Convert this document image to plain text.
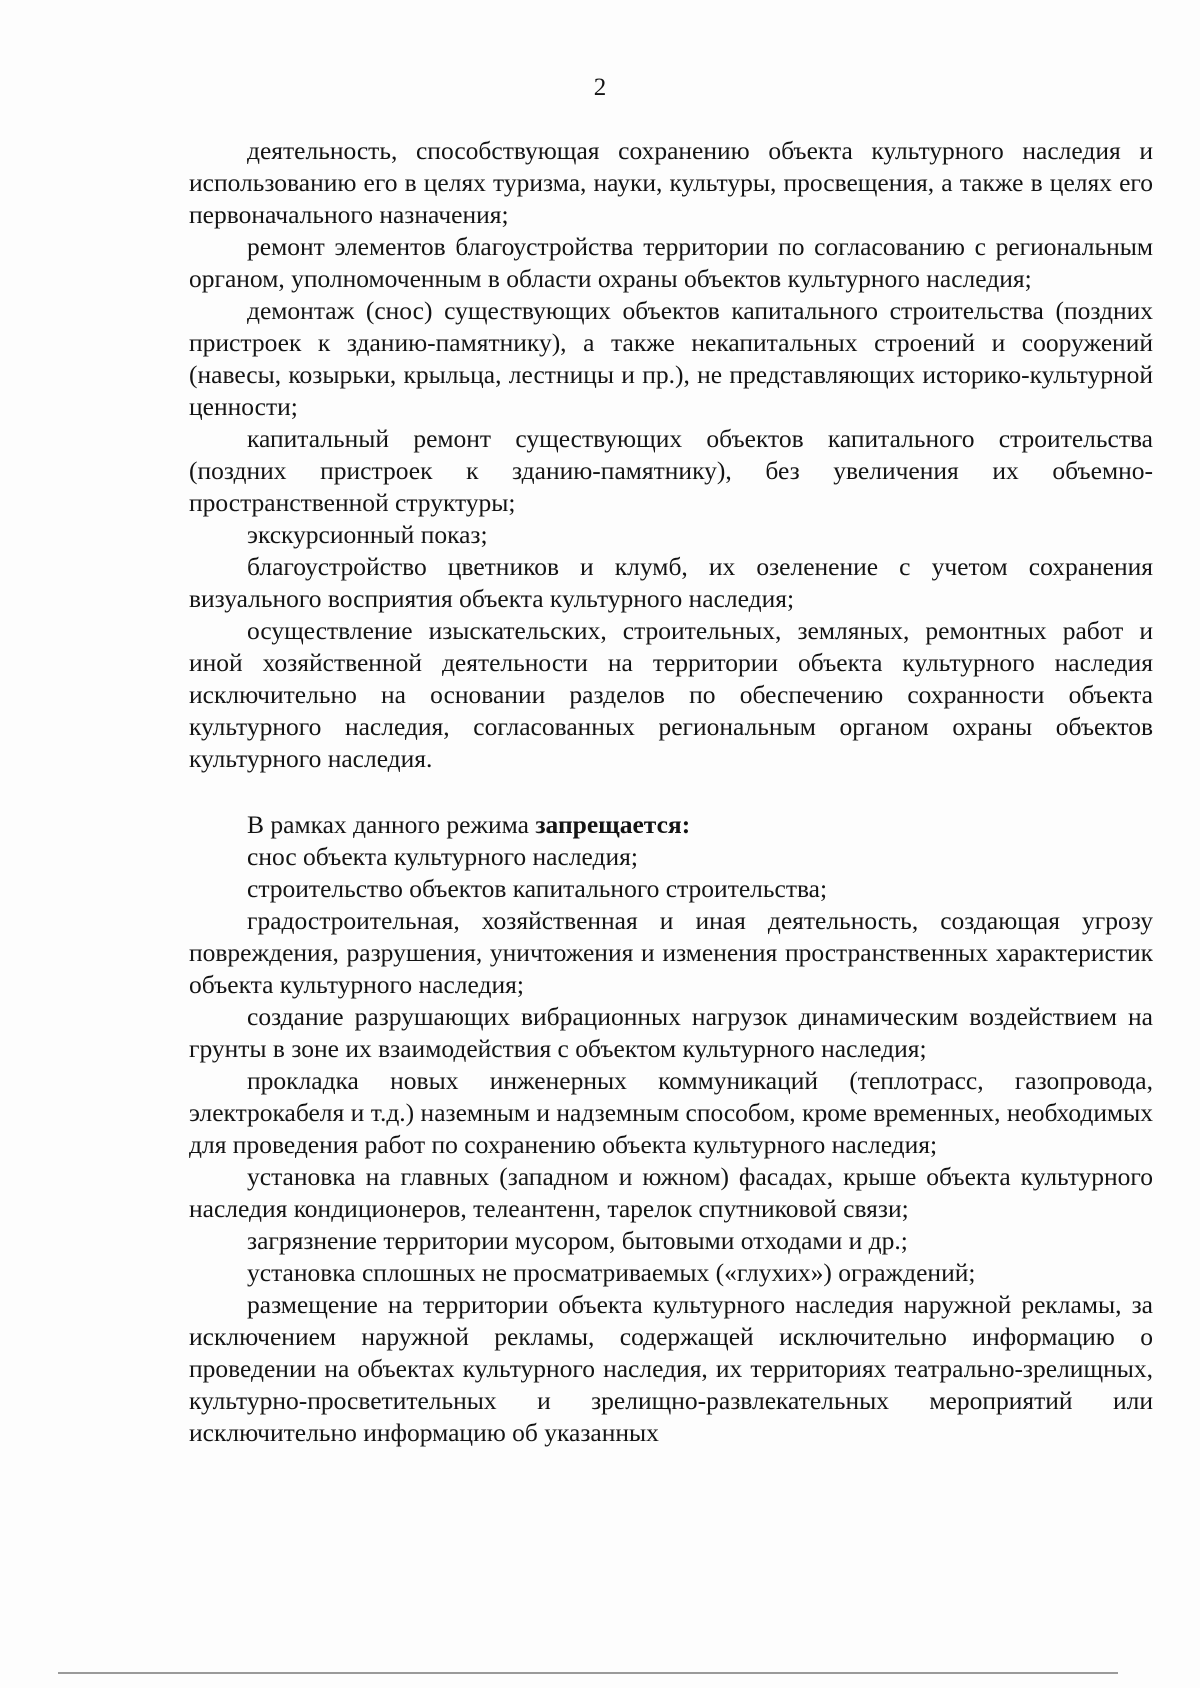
2

деятельность, способствующая сохранению объекта культурного наследия и использованию его в целях туризма, науки, культуры, просвещения, а также в целях его первоначального назначения;

ремонт элементов благоустройства территории по согласованию с региональным органом, уполномоченным в области охраны объектов культурного наследия;

демонтаж (снос) существующих объектов капитального строительства (поздних пристроек к зданию-памятнику), а также некапитальных строений и сооружений (навесы, козырьки, крыльца, лестницы и пр.), не представляющих историко-культурной ценности;

капитальный ремонт существующих объектов капитального строительства (поздних пристроек к зданию-памятнику), без увеличения их объемно-пространственной структуры;

экскурсионный показ;

благоустройство цветников и клумб, их озеленение с учетом сохранения визуального восприятия объекта культурного наследия;

осуществление изыскательских, строительных, земляных, ремонтных работ и иной хозяйственной деятельности на территории объекта культурного наследия исключительно на основании разделов по обеспечению сохранности объекта культурного наследия, согласованных региональным органом охраны объектов культурного наследия.

В рамках данного режима запрещается:

снос объекта культурного наследия;

строительство объектов капитального строительства;

градостроительная, хозяйственная и иная деятельность, создающая угрозу повреждения, разрушения, уничтожения и изменения пространственных характеристик объекта культурного наследия;

создание разрушающих вибрационных нагрузок динамическим воздействием на грунты в зоне их взаимодействия с объектом культурного наследия;

прокладка новых инженерных коммуникаций (теплотрасс, газопровода, электрокабеля и т.д.) наземным и надземным способом, кроме временных, необходимых для проведения работ по сохранению объекта культурного наследия;

установка на главных (западном и южном) фасадах, крыше объекта культурного наследия кондиционеров, телеантенн, тарелок спутниковой связи;

загрязнение территории мусором, бытовыми отходами и др.;

установка сплошных не просматриваемых («глухих») ограждений;

размещение на территории объекта культурного наследия наружной рекламы, за исключением наружной рекламы, содержащей исключительно информацию о проведении на объектах культурного наследия, их территориях театрально-зрелищных, культурно-просветительных и зрелищно-развлекательных мероприятий или исключительно информацию об указанных
